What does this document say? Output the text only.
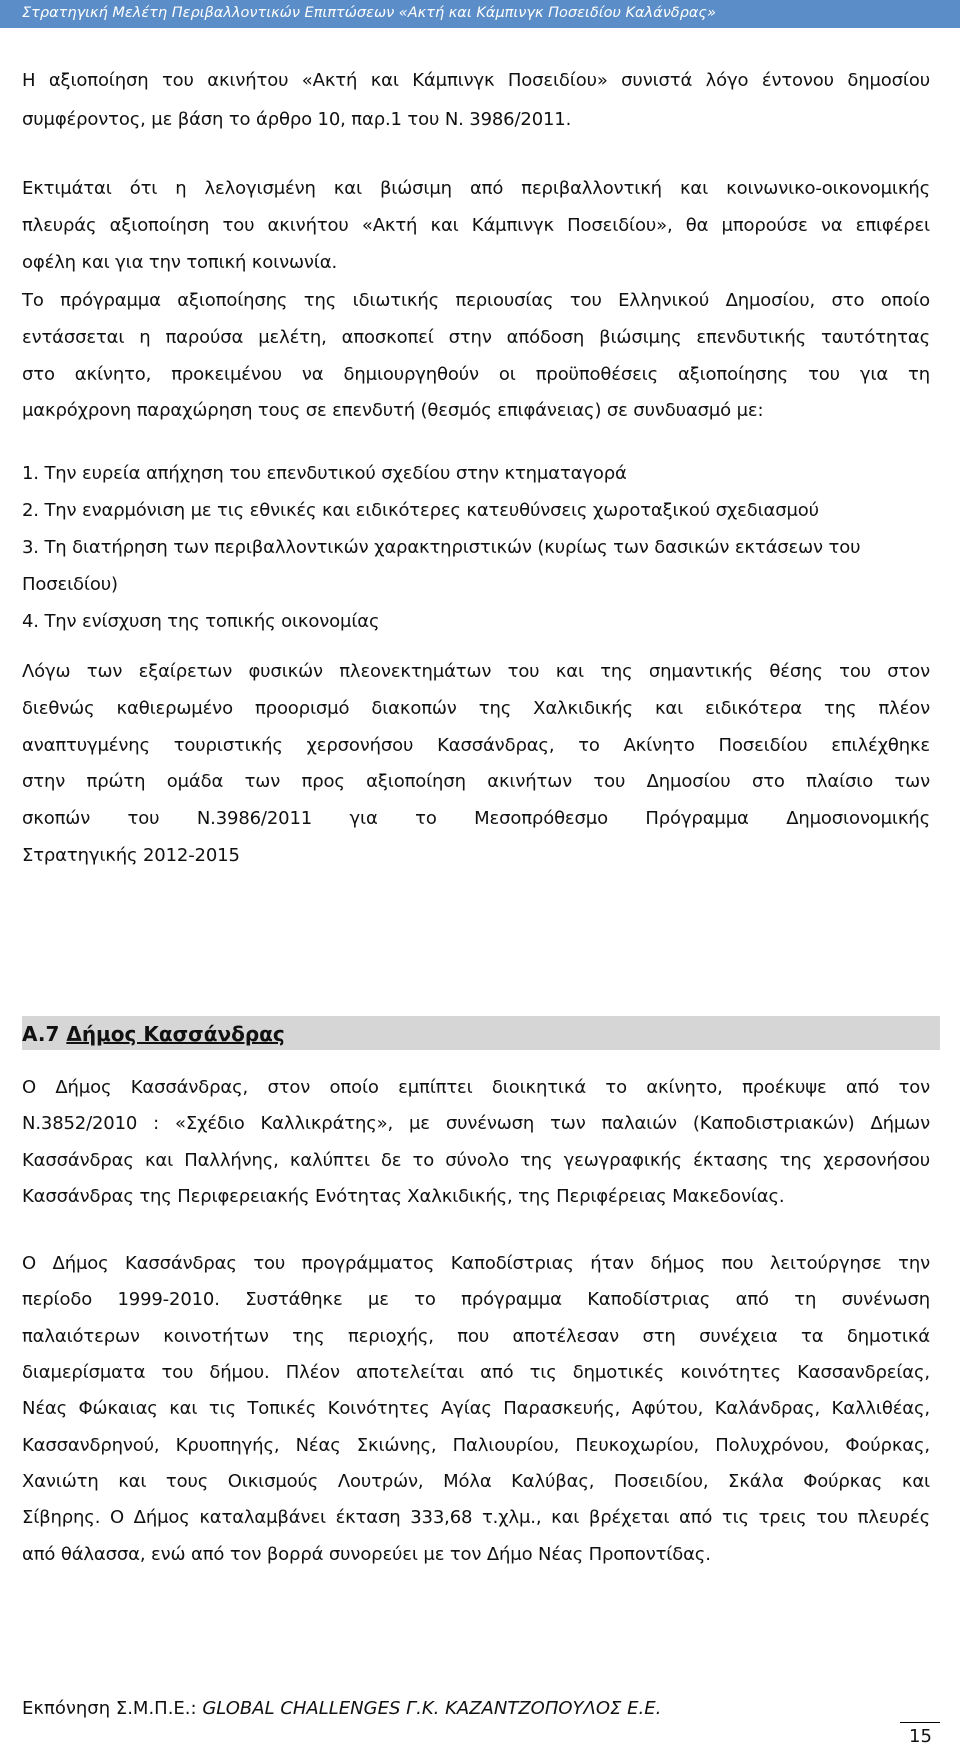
Στρατηγική Μελέτη Περιβαλλοντικών Επιπτώσεων «Ακτή και Κάμπινγκ Ποσειδίου Καλάνδρας»

Η αξιοποίηση του ακινήτου «Ακτή και Κάμπινγκ Ποσειδίου» συνιστά λόγο έντονου δημοσίου

συμφέροντος, με βάση το άρθρο 10, παρ.1 του Ν. 3986/2011.

Εκτιμάται ότι η λελογισμένη και βιώσιμη από περιβαλλοντική και κοινωνικο-οικονομικής

πλευράς αξιοποίηση του ακινήτου «Ακτή και Κάμπινγκ Ποσειδίου», θα μπορούσε να επιφέρει

οφέλη και για την τοπική κοινωνία.

Το πρόγραμμα αξιοποίησης της ιδιωτικής περιουσίας του Ελληνικού Δημοσίου, στο οποίο

εντάσσεται η παρούσα μελέτη, αποσκοπεί στην απόδοση βιώσιμης επενδυτικής ταυτότητας

στο ακίνητο, προκειμένου να δημιουργηθούν οι προϋποθέσεις αξιοποίησης του για τη

μακρόχρονη παραχώρηση τους σε επενδυτή (θεσμός επιφάνειας) σε συνδυασμό με:

1. Την ευρεία απήχηση του επενδυτικού σχεδίου στην κτηματαγορά

2. Την εναρμόνιση με τις εθνικές και ειδικότερες κατευθύνσεις χωροταξικού σχεδιασμού

3. Τη διατήρηση των περιβαλλοντικών χαρακτηριστικών (κυρίως των δασικών εκτάσεων του

Ποσειδίου)

4. Την ενίσχυση της τοπικής οικονομίας

Λόγω των εξαίρετων φυσικών πλεονεκτημάτων του και της σημαντικής θέσης του στον

διεθνώς καθιερωμένο προορισμό διακοπών της Χαλκιδικής και ειδικότερα της πλέον

αναπτυγμένης τουριστικής χερσονήσου Κασσάνδρας, το Ακίνητο Ποσειδίου επιλέχθηκε

στην πρώτη ομάδα των προς αξιοποίηση ακινήτων του Δημοσίου στο πλαίσιο των

σκοπών του Ν.3986/2011 για το Μεσοπρόθεσμο Πρόγραμμα Δημοσιονομικής

Στρατηγικής 2012-2015

A.7 Δήμος Κασσάνδρας

Ο Δήμος Κασσάνδρας, στον οποίο εμπίπτει διοικητικά το ακίνητο, προέκυψε από τον

Ν.3852/2010 : «Σχέδιο Καλλικράτης», με συνένωση των παλαιών (Καποδιστριακών) Δήμων

Κασσάνδρας και Παλλήνης, καλύπτει δε το σύνολο της γεωγραφικής έκτασης της χερσονήσου

Κασσάνδρας της Περιφερειακής Ενότητας Χαλκιδικής, της Περιφέρειας Μακεδονίας.

Ο Δήμος Κασσάνδρας του προγράμματος Καποδίστριας ήταν δήμος που λειτούργησε την

περίοδο 1999-2010. Συστάθηκε με το πρόγραμμα Καποδίστριας από τη συνένωση

παλαιότερων κοινοτήτων της περιοχής, που αποτέλεσαν στη συνέχεια τα δημοτικά

διαμερίσματα του δήμου. Πλέον αποτελείται από τις δημοτικές κοινότητες Κασσανδρείας,

Νέας Φώκαιας και τις Τοπικές Κοινότητες Αγίας Παρασκευής, Αφύτου, Καλάνδρας, Καλλιθέας,

Κασσανδρηνού, Κρυοπηγής, Νέας Σκιώνης, Παλιουρίου, Πευκοχωρίου, Πολυχρόνου, Φούρκας,

Χανιώτη και τους Οικισμούς Λουτρών, Μόλα Καλύβας, Ποσειδίου, Σκάλα Φούρκας και

Σίβηρης. Ο Δήμος καταλαμβάνει έκταση 333,68 τ.χλμ., και βρέχεται από τις τρεις του πλευρές

από θάλασσα, ενώ από τον βορρά συνορεύει με τον Δήμο Νέας Προποντίδας.

Εκπόνηση Σ.Μ.Π.Ε.: GLOBAL CHALLENGES Γ.Κ. ΚΑΖΑΝΤΖΟΠΟΥΛΟΣ Ε.Ε.
15
